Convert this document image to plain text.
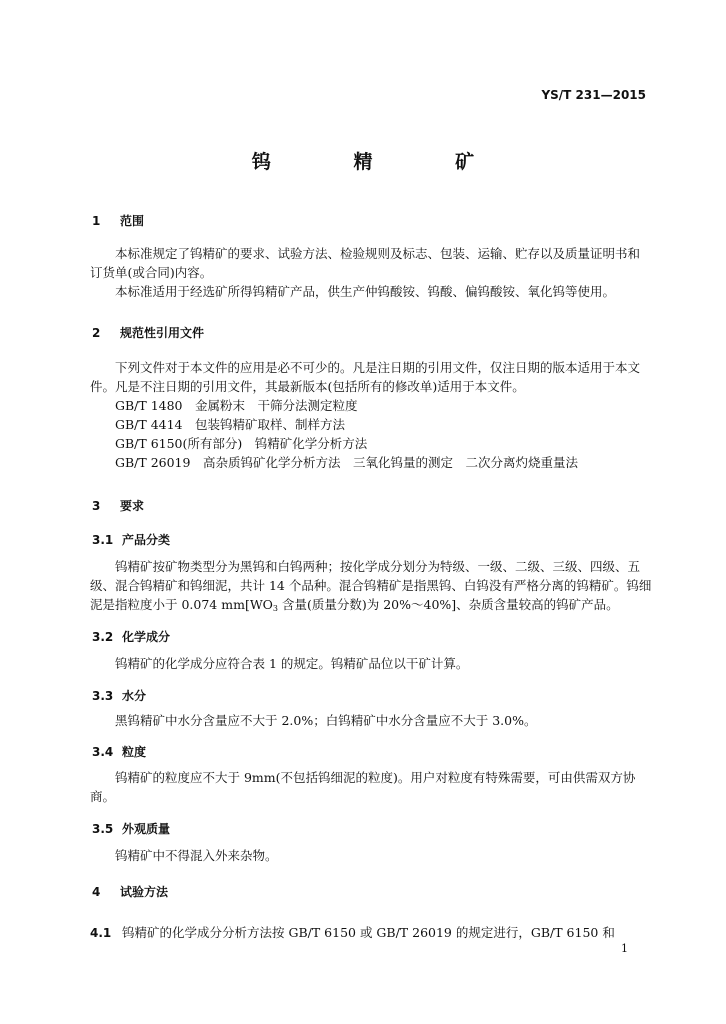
YS/T 231—2015
钨 精 矿
1 范围

本标准规定了钨精矿的要求、试验方法、检验规则及标志、包装、运输、贮存以及质量证明书和订货单(或合同)内容。

本标准适用于经选矿所得钨精矿产品，供生产仲钨酸铵、钨酸、偏钨酸铵、氧化钨等使用。

2 规范性引用文件

下列文件对于本文件的应用是必不可少的。凡是注日期的引用文件，仅注日期的版本适用于本文件。凡是不注日期的引用文件，其最新版本(包括所有的修改单)适用于本文件。

GB/T 1480　金属粉末　干筛分法测定粒度

GB/T 4414　包装钨精矿取样、制样方法

GB/T 6150(所有部分)　钨精矿化学分析方法

GB/T 26019　高杂质钨矿化学分析方法　三氧化钨量的测定　二次分离灼烧重量法

3 要求
3.1 产品分类

钨精矿按矿物类型分为黑钨和白钨两种；按化学成分划分为特级、一级、二级、三级、四级、五级、混合钨精矿和钨细泥，共计 14 个品种。混合钨精矿是指黑钨、白钨没有严格分离的钨精矿。钨细泥是指粒度小于 0.074 $mm[WO_3$ 含量(质量分数)为 20%～40%]、杂质含量较高的钨矿产品。

3.2 化学成分

钨精矿的化学成分应符合表 1 的规定。钨精矿品位以干矿计算。

3.3 水分

黑钨精矿中水分含量应不大于 2.0%；白钨精矿中水分含量应不大于 3.0%。

3.4 粒度

钨精矿的粒度应不大于 9mm(不包括钨细泥的粒度)。用户对粒度有特殊需要，可由供需双方协商。

3.5 外观质量

钨精矿中不得混入外来杂物。

4 试验方法
4.1 钨精矿的化学成分分析方法按 GB/T 6150 或 GB/T 26019 的规定进行，GB/T 6150 和
1
